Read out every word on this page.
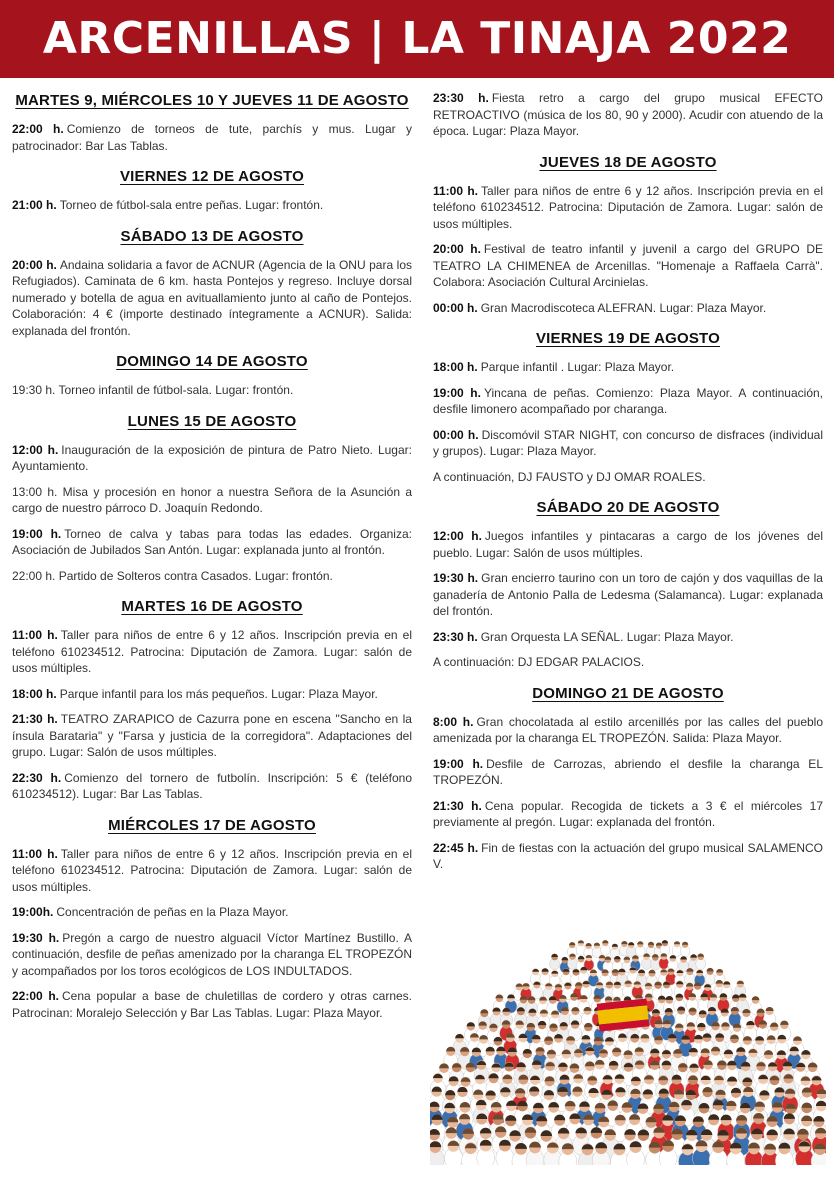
ARCENILLAS | LA TINAJA 2022
MARTES 9, MIÉRCOLES 10 Y JUEVES 11 DE AGOSTO

22:00 h. Comienzo de torneos de tute, parchís y mus. Lugar y patrocinador: Bar Las Tablas.

VIERNES 12 DE AGOSTO

21:00 h. Torneo de fútbol-sala entre peñas. Lugar: frontón.

SÁBADO 13 DE AGOSTO

20:00 h. Andaina solidaria a favor de ACNUR (Agencia de la ONU para los Refugiados). Caminata de 6 km. hasta Pontejos y regreso. Incluye dorsal numerado y botella de agua en avituallamiento junto al caño de Pontejos. Colaboración: 4 € (importe destinado íntegramente a ACNUR). Salida: explanada del frontón.

DOMINGO 14 DE AGOSTO

19:30 h. Torneo infantil de fútbol-sala. Lugar: frontón.

LUNES 15 DE AGOSTO

12:00 h. Inauguración de la exposición de pintura de Patro Nieto. Lugar: Ayuntamiento.

13:00 h. Misa y procesión en honor a nuestra Señora de la Asunción a cargo de nuestro párroco D. Joaquín Redondo.

19:00 h. Torneo de calva y tabas para todas las edades. Organiza: Asociación de Jubilados San Antón. Lugar: explanada junto al frontón.

22:00 h. Partido de Solteros contra Casados. Lugar: frontón.

MARTES 16 DE AGOSTO

11:00 h. Taller para niños de entre 6 y 12 años. Inscripción previa en el teléfono 610234512. Patrocina: Diputación de Zamora. Lugar: salón de usos múltiples.

18:00 h. Parque infantil para los más pequeños. Lugar: Plaza Mayor.

21:30 h. TEATRO ZARAPICO de Cazurra pone en escena "Sancho en la ínsula Barataria" y "Farsa y justicia de la corregidora". Adaptaciones del grupo. Lugar: Salón de usos múltiples.

22:30 h. Comienzo del tornero de futbolín. Inscripción: 5 € (teléfono 610234512). Lugar: Bar Las Tablas.

MIÉRCOLES 17 DE AGOSTO

11:00 h. Taller para niños de entre 6 y 12 años. Inscripción previa en el teléfono 610234512. Patrocina: Diputación de Zamora. Lugar: salón de usos múltiples.

19:00h. Concentración de peñas en la Plaza Mayor.

19:30 h. Pregón a cargo de nuestro alguacil Víctor Martínez Bustillo. A continuación, desfile de peñas amenizado por la charanga EL TROPEZÓN y acompañados por los toros ecológicos de LOS INDULTADOS.

22:00 h. Cena popular a base de chuletillas de cordero y otras carnes. Patrocinan: Moralejo Selección y Bar Las Tablas. Lugar: Plaza Mayor.

23:30 h. Fiesta retro a cargo del grupo musical EFECTO RETROACTIVO (música de los 80, 90 y 2000). Acudir con atuendo de la época. Lugar: Plaza Mayor.

JUEVES 18 DE AGOSTO

11:00 h. Taller para niños de entre 6 y 12 años. Inscripción previa en el teléfono 610234512. Patrocina: Diputación de Zamora. Lugar: salón de usos múltiples.

20:00 h. Festival de teatro infantil y juvenil a cargo del GRUPO DE TEATRO LA CHIMENEA de Arcenillas. "Homenaje a Raffaela Carrà". Colabora: Asociación Cultural Arcinielas.

00:00 h. Gran Macrodiscoteca ALEFRAN. Lugar: Plaza Mayor.

VIERNES 19 DE AGOSTO

18:00 h. Parque infantil . Lugar: Plaza Mayor.

19:00 h. Yincana de peñas. Comienzo: Plaza Mayor. A continuación, desfile limonero acompañado por charanga.

00:00 h. Discomóvil STAR NIGHT, con concurso de disfraces (individual y grupos). Lugar: Plaza Mayor.

A continuación, DJ FAUSTO y DJ OMAR ROALES.

SÁBADO 20 DE AGOSTO

12:00 h. Juegos infantiles y pintacaras a cargo de los jóvenes del pueblo. Lugar: Salón de usos múltiples.

19:30 h. Gran encierro taurino con un toro de cajón y dos vaquillas de la ganadería de Antonio Palla de Ledesma (Salamanca). Lugar: explanada del frontón.

23:30 h. Gran Orquesta LA SEÑAL. Lugar: Plaza Mayor.

A continuación: DJ EDGAR PALACIOS.

DOMINGO 21 DE AGOSTO

8:00 h. Gran chocolatada al estilo arcenillés por las calles del pueblo amenizada por la charanga EL TROPEZÓN. Salida: Plaza Mayor.

19:00 h. Desfile de Carrozas, abriendo el desfile la charanga EL TROPEZÓN.

21:30 h. Cena popular. Recogida de tickets a 3 € el miércoles 17 previamente al pregón. Lugar: explanada del frontón.

22:45 h. Fin de fiestas con la actuación del grupo musical SALAMENCO V.
